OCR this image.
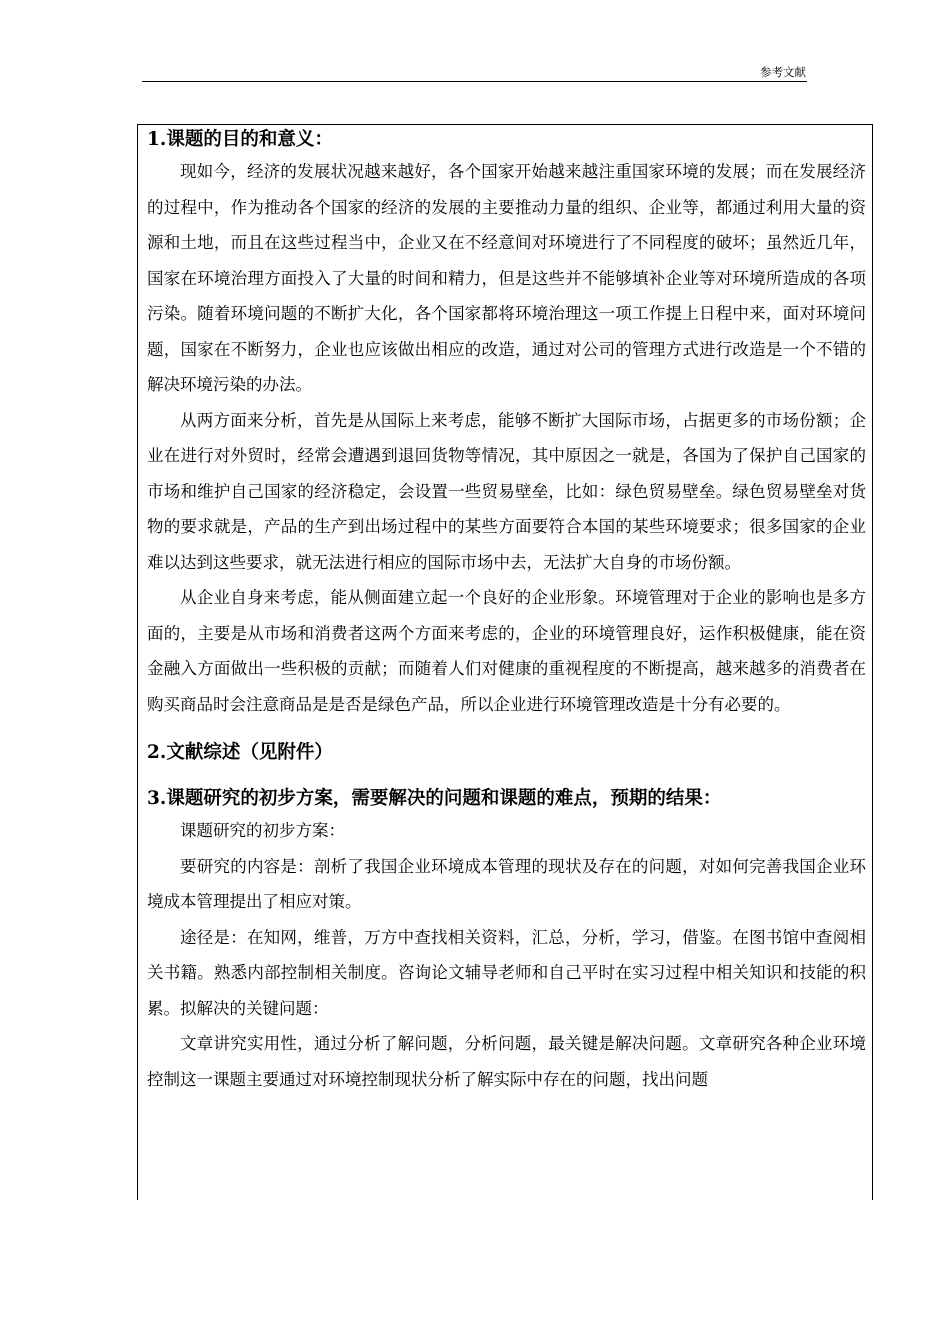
参考文献

1.课题的目的和意义：

现如今，经济的发展状况越来越好，各个国家开始越来越注重国家环境的发展；而在发展经济的过程中，作为推动各个国家的经济的发展的主要推动力量的组织、企业等，都通过利用大量的资源和土地，而且在这些过程当中，企业又在不经意间对环境进行了不同程度的破坏；虽然近几年，国家在环境治理方面投入了大量的时间和精力，但是这些并不能够填补企业等对环境所造成的各项污染。随着环境问题的不断扩大化，各个国家都将环境治理这一项工作提上日程中来，面对环境问题，国家在不断努力，企业也应该做出相应的改造，通过对公司的管理方式进行改造是一个不错的解决环境污染的办法。

从两方面来分析，首先是从国际上来考虑，能够不断扩大国际市场，占据更多的市场份额；企业在进行对外贸时，经常会遭遇到退回货物等情况，其中原因之一就是，各国为了保护自己国家的市场和维护自己国家的经济稳定，会设置一些贸易壁垒，比如：绿色贸易壁垒。绿色贸易壁垒对货物的要求就是，产品的生产到出场过程中的某些方面要符合本国的某些环境要求；很多国家的企业难以达到这些要求，就无法进行相应的国际市场中去，无法扩大自身的市场份额。

从企业自身来考虑，能从侧面建立起一个良好的企业形象。环境管理对于企业的影响也是多方面的，主要是从市场和消费者这两个方面来考虑的，企业的环境管理良好，运作积极健康，能在资金融入方面做出一些积极的贡献；而随着人们对健康的重视程度的不断提高，越来越多的消费者在购买商品时会注意商品是是否是绿色产品，所以企业进行环境管理改造是十分有必要的。

2.文献综述（见附件）

3.课题研究的初步方案，需要解决的问题和课题的难点，预期的结果：

课题研究的初步方案：

要研究的内容是：剖析了我国企业环境成本管理的现状及存在的问题，对如何完善我国企业环境成本管理提出了相应对策。

途径是：在知网，维普，万方中查找相关资料，汇总，分析，学习，借鉴。在图书馆中查阅相关书籍。熟悉内部控制相关制度。咨询论文辅导老师和自己平时在实习过程中相关知识和技能的积累。拟解决的关键问题：

文章讲究实用性，通过分析了解问题，分析问题，最关键是解决问题。文章研究各种企业环境控制这一课题主要通过对环境控制现状分析了解实际中存在的问题，找出问题
